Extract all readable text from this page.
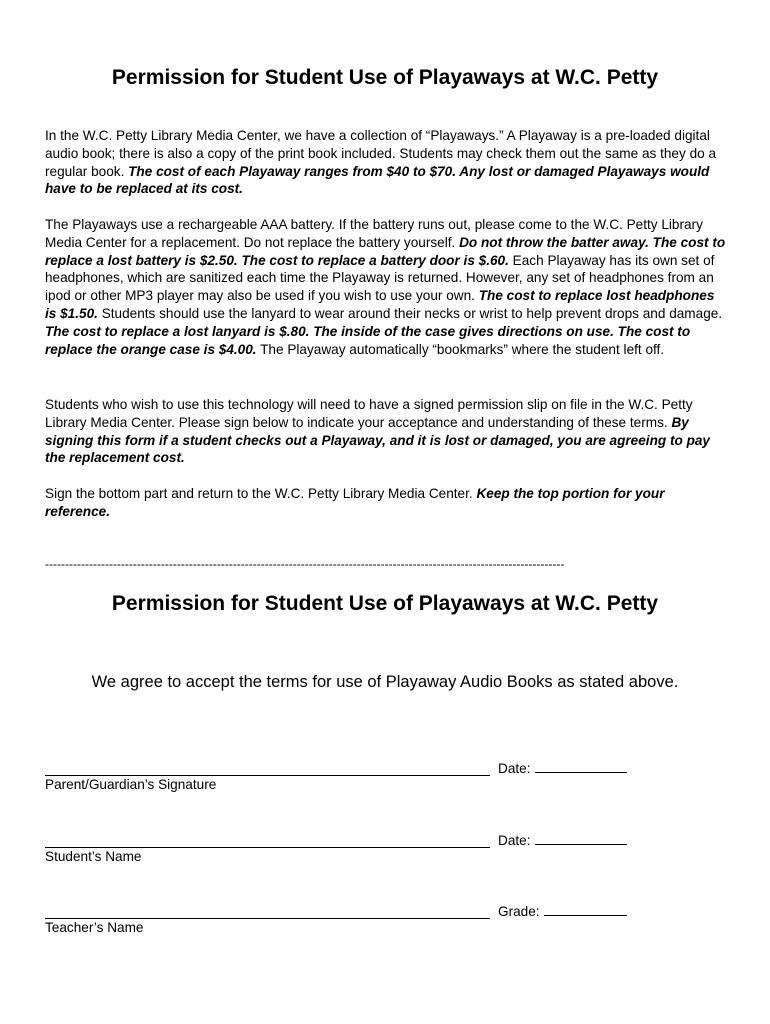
Permission for Student Use of Playaways at W.C. Petty

In the W.C. Petty Library Media Center, we have a collection of “Playaways.” A Playaway is a pre-loaded digital audio book; there is also a copy of the print book included. Students may check them out the same as they do a regular book. The cost of each Playaway ranges from $40 to $70. Any lost or damaged Playaways would have to be replaced at its cost.

The Playaways use a rechargeable AAA battery. If the battery runs out, please come to the W.C. Petty Library Media Center for a replacement. Do not replace the battery yourself. Do not throw the batter away. The cost to replace a lost battery is $2.50. The cost to replace a battery door is $.60. Each Playaway has its own set of headphones, which are sanitized each time the Playaway is returned. However, any set of headphones from an ipod or other MP3 player may also be used if you wish to use your own. The cost to replace lost headphones is $1.50. Students should use the lanyard to wear around their necks or wrist to help prevent drops and damage. The cost to replace a lost lanyard is $.80. The inside of the case gives directions on use. The cost to replace the orange case is $4.00. The Playaway automatically “bookmarks” where the student left off.

Students who wish to use this technology will need to have a signed permission slip on file in the W.C. Petty Library Media Center. Please sign below to indicate your acceptance and understanding of these terms. By signing this form if a student checks out a Playaway, and it is lost or damaged, you are agreeing to pay the replacement cost.

Sign the bottom part and return to the W.C. Petty Library Media Center. Keep the top portion for your reference.

----------------------------------------------------------------------------------------------------------------------------------
Permission for Student Use of Playaways at W.C. Petty
We agree to accept the terms for use of Playaway Audio Books as stated above.
Date:
Parent/Guardian’s Signature
Date:
Student’s Name
Grade:
Teacher’s Name
